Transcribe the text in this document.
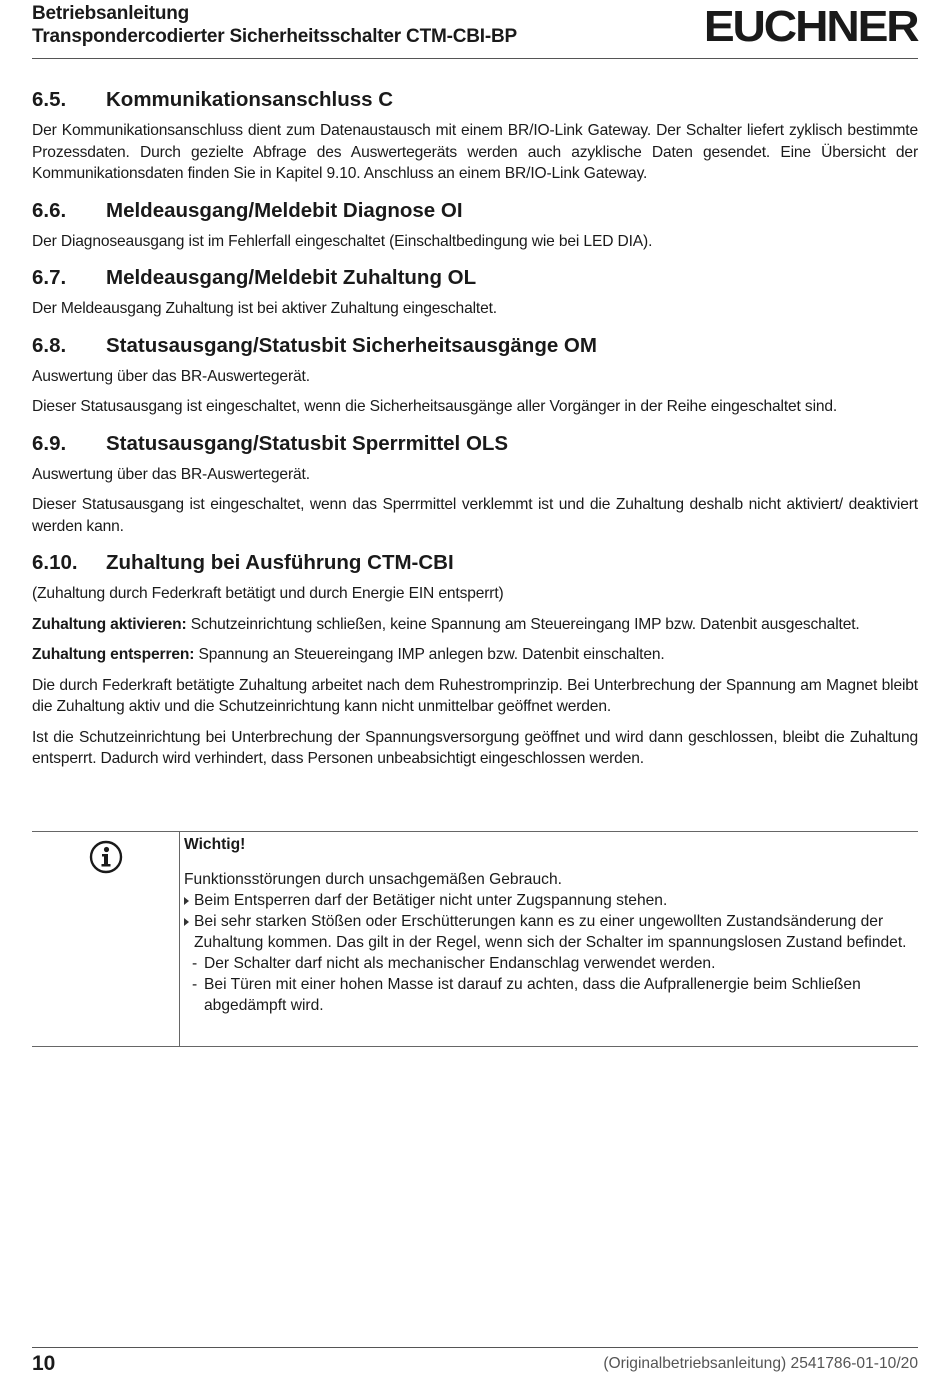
Betriebsanleitung
Transpondercodierter Sicherheitsschalter CTM-CBI-BP	EUCHNER
6.5. Kommunikationsanschluss C

Der Kommunikationsanschluss dient zum Datenaustausch mit einem BR/IO-Link Gateway. Der Schalter liefert zyklisch bestimmte Prozessdaten. Durch gezielte Abfrage des Auswertegeräts werden auch azyklische Daten gesendet. Eine Übersicht der Kommunikationsdaten finden Sie in Kapitel 9.10. Anschluss an einem BR/IO-Link Gateway.

6.6. Meldeausgang/Meldebit Diagnose OI

Der Diagnoseausgang ist im Fehlerfall eingeschaltet (Einschaltbedingung wie bei LED DIA).

6.7. Meldeausgang/Meldebit Zuhaltung OL

Der Meldeausgang Zuhaltung ist bei aktiver Zuhaltung eingeschaltet.

6.8. Statusausgang/Statusbit Sicherheitsausgänge OM

Auswertung über das BR-Auswertegerät.

Dieser Statusausgang ist eingeschaltet, wenn die Sicherheitsausgänge aller Vorgänger in der Reihe eingeschaltet sind.

6.9. Statusausgang/Statusbit Sperrmittel OLS

Auswertung über das BR-Auswertegerät.

Dieser Statusausgang ist eingeschaltet, wenn das Sperrmittel verklemmt ist und die Zuhaltung deshalb nicht aktiviert/ deaktiviert werden kann.

6.10. Zuhaltung bei Ausführung CTM-CBI

(Zuhaltung durch Federkraft betätigt und durch Energie EIN entsperrt)

Zuhaltung aktivieren: Schutzeinrichtung schließen, keine Spannung am Steuereingang IMP bzw. Datenbit ausgeschaltet.

Zuhaltung entsperren: Spannung an Steuereingang IMP anlegen bzw. Datenbit einschalten.

Die durch Federkraft betätigte Zuhaltung arbeitet nach dem Ruhestromprinzip. Bei Unterbrechung der Spannung am Magnet bleibt die Zuhaltung aktiv und die Schutzeinrichtung kann nicht unmittelbar geöffnet werden.

Ist die Schutzeinrichtung bei Unterbrechung der Spannungsversorgung geöffnet und wird dann geschlossen, bleibt die Zuhaltung entsperrt. Dadurch wird verhindert, dass Personen unbeabsichtigt eingeschlossen werden.

Wichtig!
Funktionsstörungen durch unsachgemäßen Gebrauch.
Beim Entsperren darf der Betätiger nicht unter Zugspannung stehen.
Bei sehr starken Stößen oder Erschütterungen kann es zu einer ungewollten Zustandsänderung der Zuhaltung kommen. Das gilt in der Regel, wenn sich der Schalter im spannungslosen Zustand befindet.
- Der Schalter darf nicht als mechanischer Endanschlag verwendet werden.
- Bei Türen mit einer hohen Masse ist darauf zu achten, dass die Aufprallenergie beim Schließen abgedämpft wird.
10	(Originalbetriebsanleitung) 2541786-01-10/20
